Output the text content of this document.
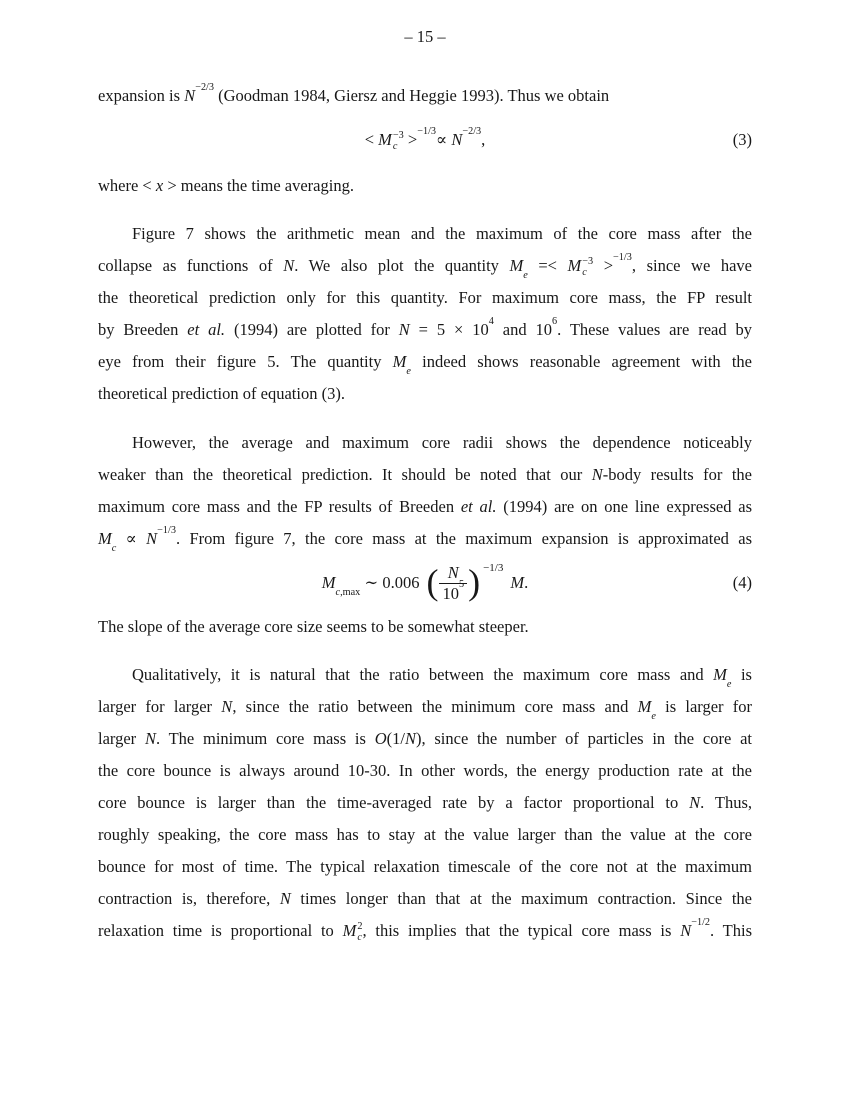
– 15 –
expansion is $N^{-2/3}$ (Goodman 1984, Giersz and Heggie 1993). Thus we obtain
< M −3
$c >^{-1/3}\propto N^{-2/3}$,	(3)
where < x > means the time averaging.
Figure 7 shows the arithmetic mean and the maximum of the core mass after the
collapse as functions of N. We also plot the quantity $M_e =< M -3$
c >$^{-1/3}$, since we have
the theoretical prediction only for this quantity. For maximum core mass, the FP result
by Breeden et al. (1994) are plotted for $N = 5 \times 10^4$ and $10^6$. These values are read by
eye from their figure 5. The quantity $M_e$ indeed shows reasonable agreement with the
theoretical prediction of equation (3).
However, the average and maximum core radii shows the dependence noticeably
weaker than the theoretical prediction. It should be noted that our N-body results for the
maximum core mass and the FP results of Breeden et al. (1994) are on one line expressed as
$M_c \propto N^{-1/3}$. From figure 7, the core mass at the maximum expansion is approximated as
$M_{c,max}$ ∼ 0.006 ( $\frac{N}{10^5}$ ) −1/3
M.	(4)
The slope of the average core size seems to be somewhat steeper.
Qualitatively, it is natural that the ratio between the maximum core mass and $M_e$ is
larger for larger N, since the ratio between the minimum core mass and $M_e$ is larger for
larger N. The minimum core mass is O(1/N), since the number of particles in the core at
the core bounce is always around 10-30. In other words, the energy production rate at the
core bounce is larger than the time-averaged rate by a factor proportional to N. Thus,
roughly speaking, the core mass has to stay at the value larger than the value at the core
bounce for most of time. The typical relaxation timescale of the core not at the maximum
contraction is, therefore, N times longer than that at the maximum contraction. Since the
relaxation time is proportional to M 2
c , this implies that the typical core mass is $N^{-1/2}$. This
